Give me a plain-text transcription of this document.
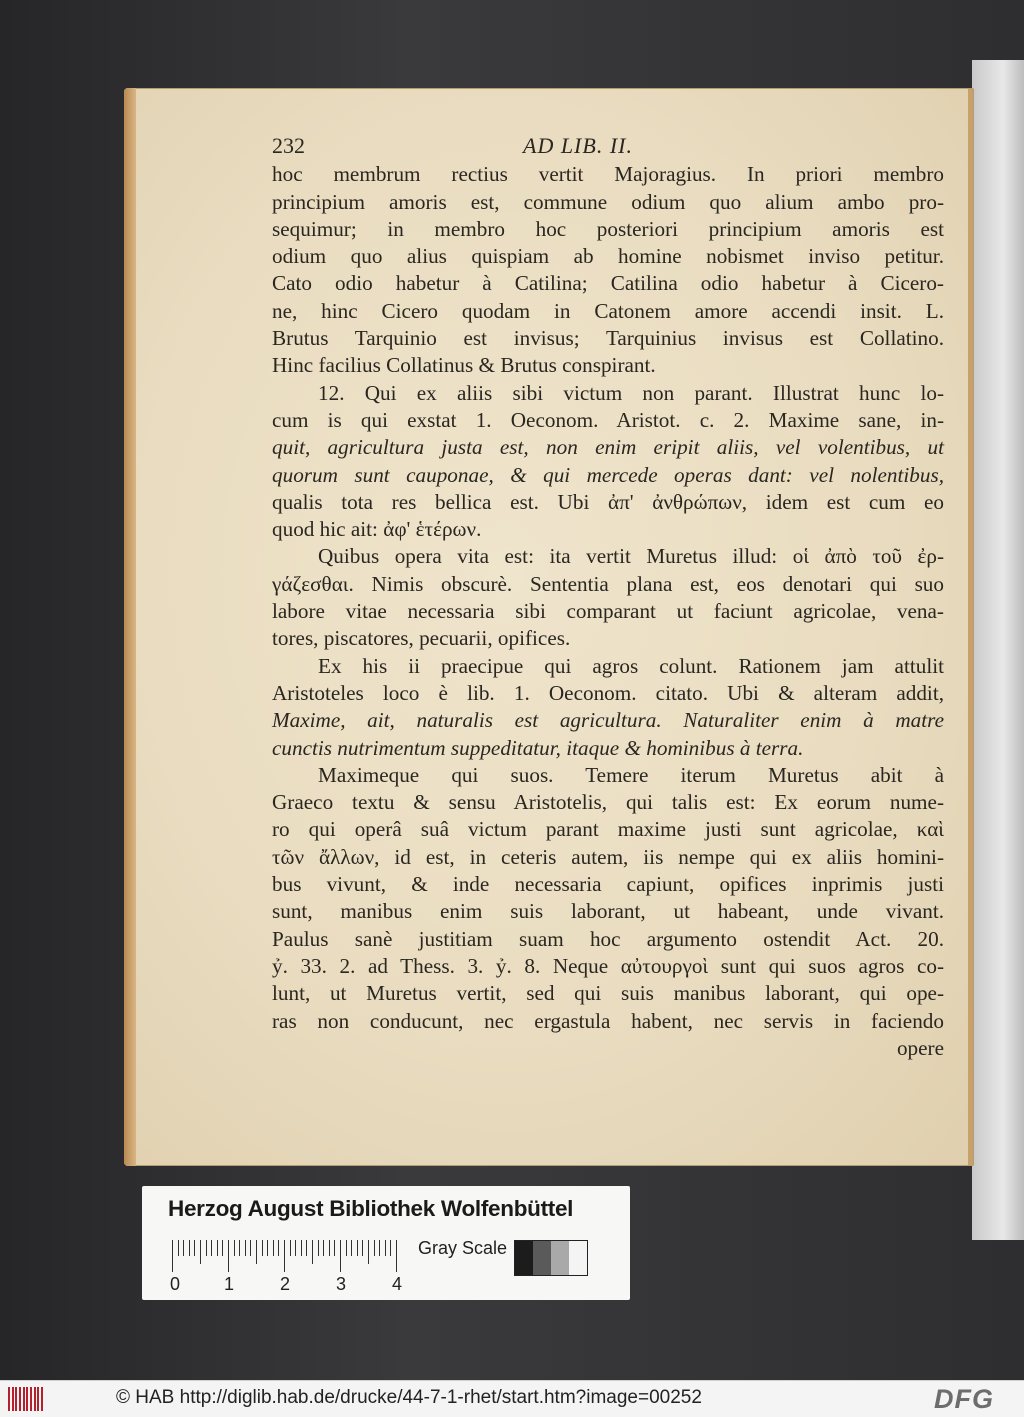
232	AD LIB. II.
hoc membrum rectius vertit Majoragius. In priori membro
principium amoris est, commune odium quo alium ambo pro-
sequimur; in membro hoc posteriori principium amoris est
odium quo alius quispiam ab homine nobismet inviso petitur.
Cato odio habetur à Catilina; Catilina odio habetur à Cicero-
ne, hinc Cicero quodam in Catonem amore accendi insit. L.
Brutus Tarquinio est invisus; Tarquinius invisus est Collatino.
Hinc facilius Collatinus & Brutus conspirant.
12. Qui ex aliis sibi victum non parant. Illustrat hunc lo-
cum is qui exstat 1. Oeconom. Aristot. c. 2. Maxime sane, in-
quit, agricultura justa est, non enim eripit aliis, vel volentibus, ut
quorum sunt cauponae, & qui mercede operas dant: vel nolentibus,
qualis tota res bellica est. Ubi ἀπ' ἀνθρώπων, idem est cum eo
quod hic ait: ἀφ' ἑτέρων.
Quibus opera vita est: ita vertit Muretus illud: οἱ ἀπὸ τοῦ ἐρ-
γάζεσθαι. Nimis obscurè. Sententia plana est, eos denotari qui suo
labore vitae necessaria sibi comparant ut faciunt agricolae, vena-
tores, piscatores, pecuarii, opifices.
Ex his ii praecipue qui agros colunt. Rationem jam attulit
Aristoteles loco è lib. 1. Oeconom. citato. Ubi & alteram addit,
Maxime, ait, naturalis est agricultura. Naturaliter enim à matre
cunctis nutrimentum suppeditatur, itaque & hominibus à terra.
Maximeque qui suos. Temere iterum Muretus abit à
Graeco textu & sensu Aristotelis, qui talis est: Ex eorum nume-
ro qui operâ suâ victum parant maxime justi sunt agricolae, καὶ
τῶν ἄλλων, id est, in ceteris autem, iis nempe qui ex aliis homini-
bus vivunt, & inde necessaria capiunt, opifices inprimis justi
sunt, manibus enim suis laborant, ut habeant, unde vivant.
Paulus sanè justitiam suam hoc argumento ostendit Act. 20.
ỷ. 33. 2. ad Thess. 3. ỷ. 8. Neque αὐτουργοὶ sunt qui suos agros co-
lunt, ut Muretus vertit, sed qui suis manibus laborant, qui ope-
ras non conducunt, nec ergastula habent, nec servis in faciendo
opere
Herzog August Bibliothek Wolfenbüttel
0 1	2	3	4
Gray Scale
© HAB http://diglib.hab.de/drucke/44-7-1-rhet/start.htm?image=00252	DFG
